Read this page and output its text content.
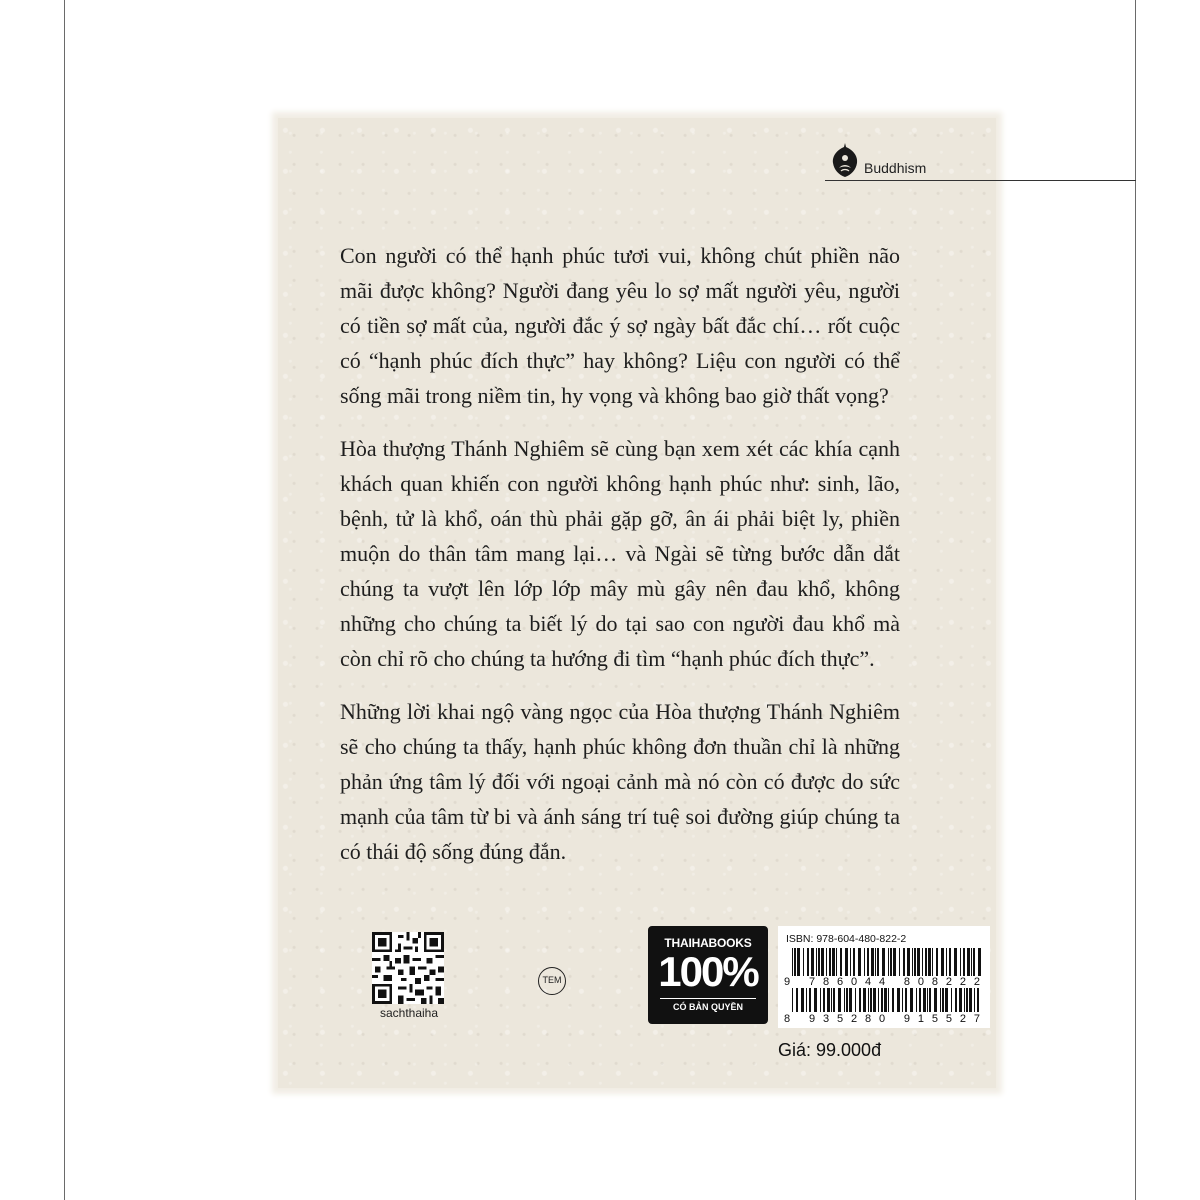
Buddhism

Con người có thể hạnh phúc tươi vui, không chút phiền não mãi được không? Người đang yêu lo sợ mất người yêu, người có tiền sợ mất của, người đắc ý sợ ngày bất đắc chí… rốt cuộc có “hạnh phúc đích thực” hay không? Liệu con người có thể sống mãi trong niềm tin, hy vọng và không bao giờ thất vọng?

Hòa thượng Thánh Nghiêm sẽ cùng bạn xem xét các khía cạnh khách quan khiến con người không hạnh phúc như: sinh, lão, bệnh, tử là khổ, oán thù phải gặp gỡ, ân ái phải biệt ly, phiền muộn do thân tâm mang lại… và Ngài sẽ từng bước dẫn dắt chúng ta vượt lên lớp lớp mây mù gây nên đau khổ, không những cho chúng ta biết lý do tại sao con người đau khổ mà còn chỉ rõ cho chúng ta hướng đi tìm “hạnh phúc đích thực”.

Những lời khai ngộ vàng ngọc của Hòa thượng Thánh Nghiêm sẽ cho chúng ta thấy, hạnh phúc không đơn thuần chỉ là những phản ứng tâm lý đối với ngoại cảnh mà nó còn có được do sức mạnh của tâm từ bi và ánh sáng trí tuệ soi đường giúp chúng ta có thái độ sống đúng đắn.

sachthaiha
TEM
THAIHABOOKS
100%
CÓ BẢN QUYỀN
ISBN: 978-604-480-822-2
9 786044 808222
8 935280 915527
Giá: 99.000đ
